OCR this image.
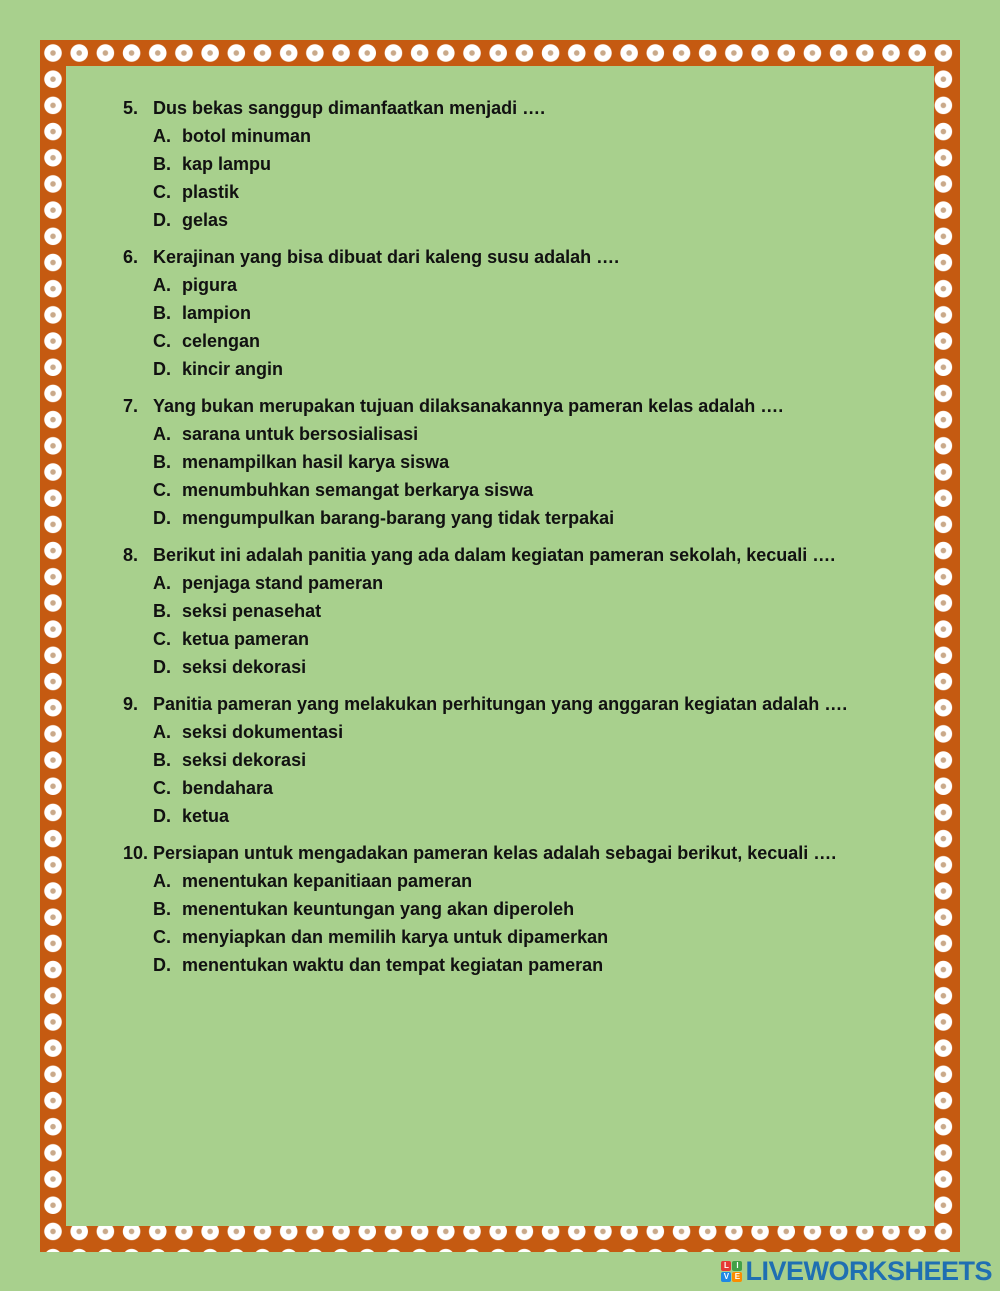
5. Dus bekas sanggup dimanfaatkan menjadi ….
A. botol minuman
B. kap lampu
C. plastik
D. gelas
6. Kerajinan yang bisa dibuat dari kaleng susu adalah ….
A. pigura
B. lampion
C. celengan
D. kincir angin
7. Yang bukan merupakan tujuan dilaksanakannya pameran kelas adalah ….
A. sarana untuk bersosialisasi
B. menampilkan hasil karya siswa
C. menumbuhkan semangat berkarya siswa
D. mengumpulkan barang-barang yang tidak terpakai
8. Berikut ini adalah panitia yang ada dalam kegiatan pameran sekolah, kecuali ….
A. penjaga stand pameran
B. seksi penasehat
C. ketua pameran
D. seksi dekorasi
9. Panitia pameran yang melakukan perhitungan yang anggaran kegiatan adalah ….
A. seksi dokumentasi
B. seksi dekorasi
C. bendahara
D. ketua
10. Persiapan untuk mengadakan pameran kelas adalah sebagai berikut, kecuali ….
A. menentukan kepanitiaan pameran
B. menentukan keuntungan yang akan diperoleh
C. menyiapkan dan memilih karya untuk dipamerkan
D. menentukan waktu dan tempat kegiatan pameran
L I
V E LIVEWORKSHEETS
